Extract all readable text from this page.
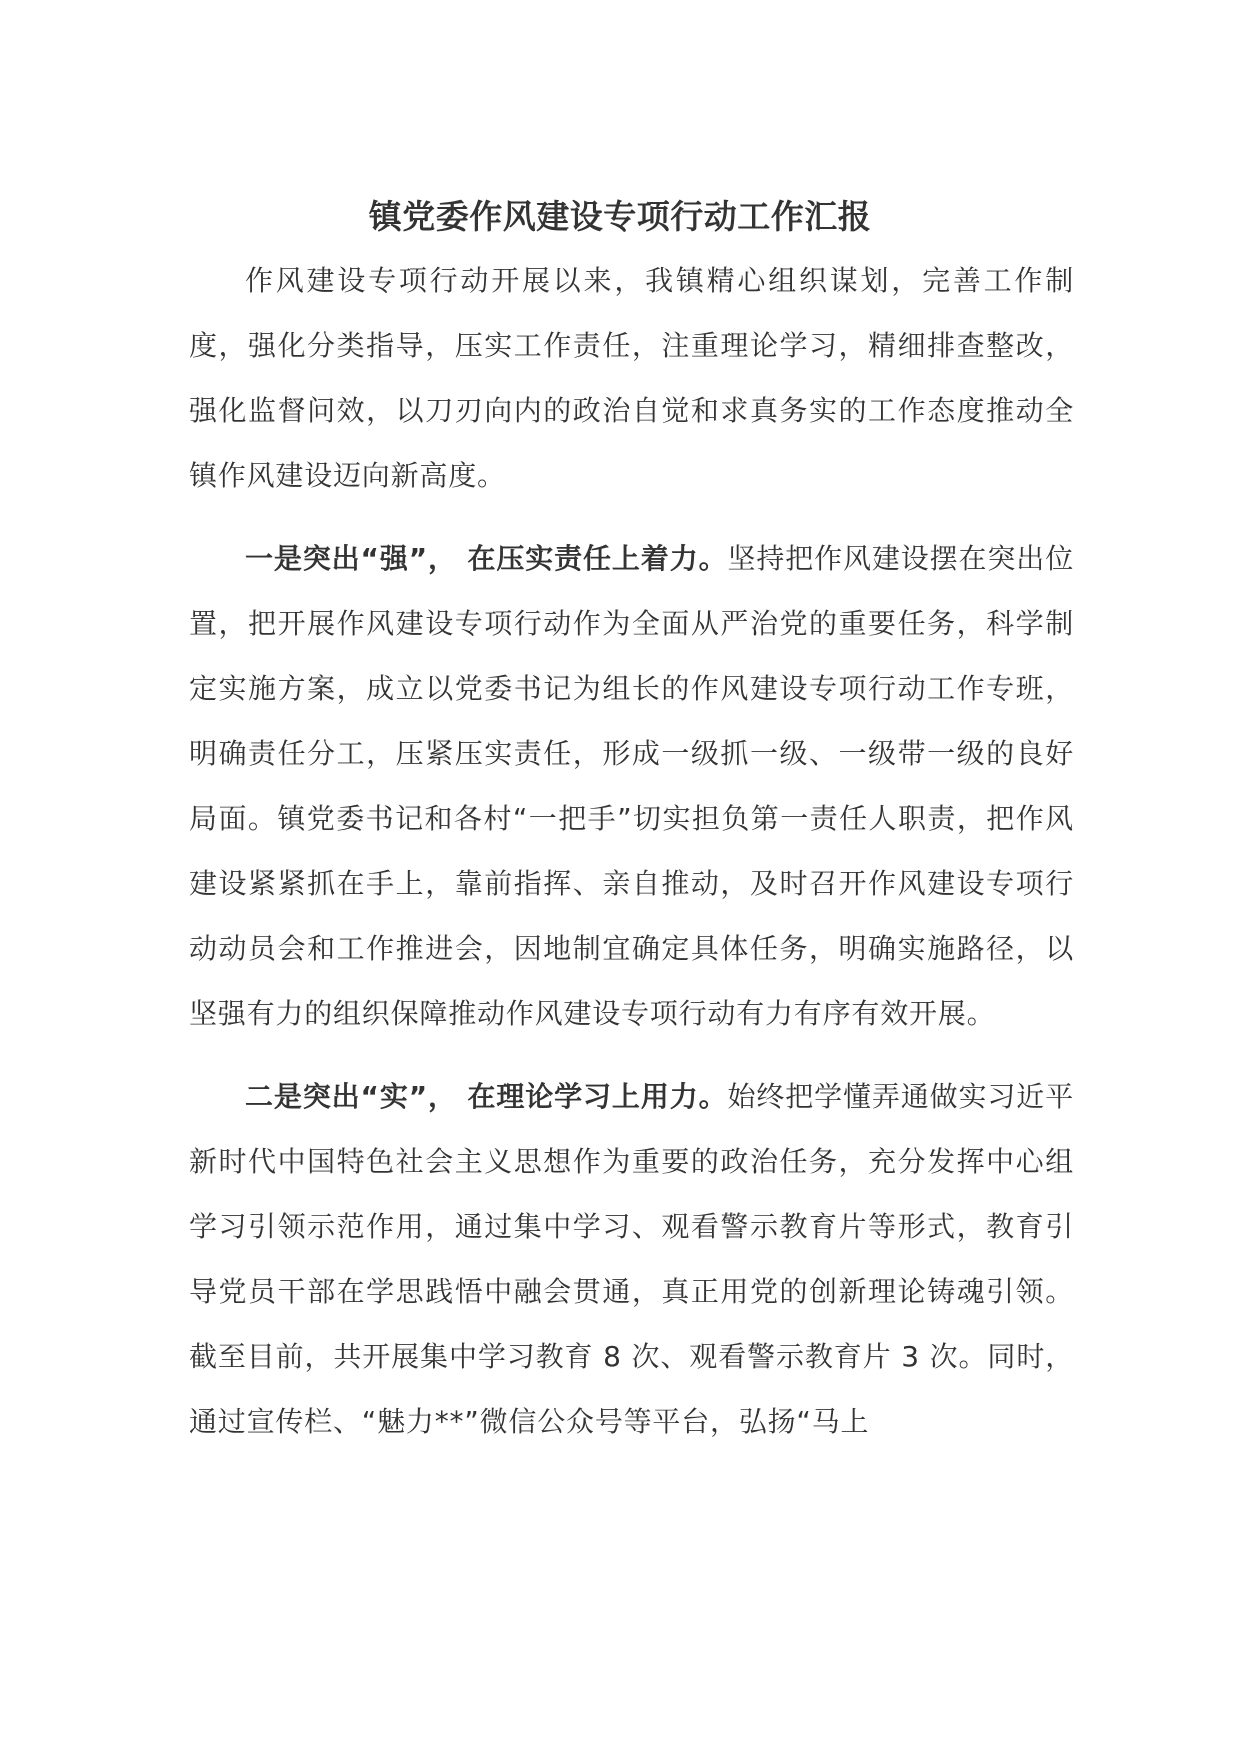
镇党委作风建设专项行动工作汇报

作风建设专项行动开展以来，我镇精心组织谋划，完善工作制度，强化分类指导，压实工作责任，注重理论学习，精细排查整改，强化监督问效，以刀刃向内的政治自觉和求真务实的工作态度推动全镇作风建设迈向新高度。

一是突出“强”， 在压实责任上着力。坚持把作风建设摆在突出位置，把开展作风建设专项行动作为全面从严治党的重要任务，科学制定实施方案，成立以党委书记为组长的作风建设专项行动工作专班，明确责任分工，压紧压实责任，形成一级抓一级、一级带一级的良好局面。镇党委书记和各村“一把手”切实担负第一责任人职责，把作风建设紧紧抓在手上，靠前指挥、亲自推动，及时召开作风建设专项行动动员会和工作推进会，因地制宜确定具体任务，明确实施路径，以坚强有力的组织保障推动作风建设专项行动有力有序有效开展。

二是突出“实”， 在理论学习上用力。始终把学懂弄通做实习近平新时代中国特色社会主义思想作为重要的政治任务，充分发挥中心组学习引领示范作用，通过集中学习、观看警示教育片等形式，教育引导党员干部在学思践悟中融会贯通，真正用党的创新理论铸魂引领。截至目前，共开展集中学习教育 8 次、观看警示教育片 3 次。同时，通过宣传栏、“魅力**”微信公众号等平台，弘扬“马上
